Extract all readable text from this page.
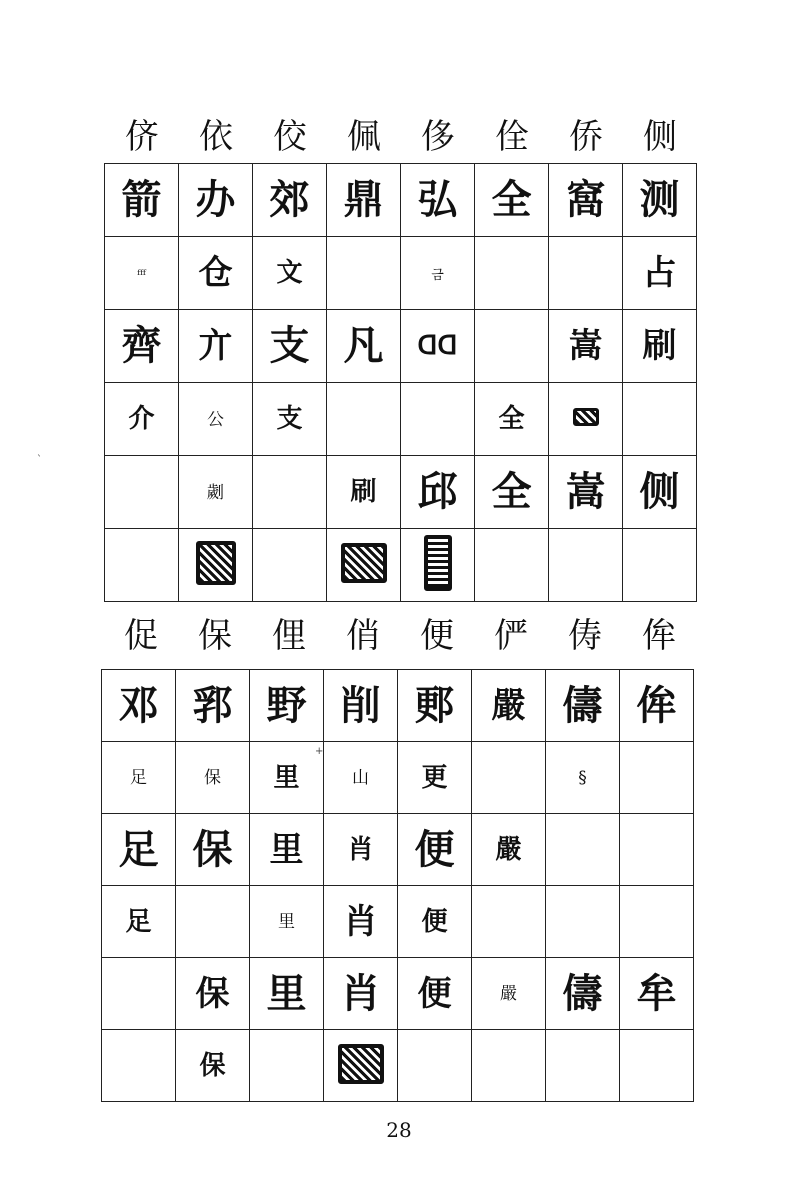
侪	依	佼	佩	侈	佺	侨	侧
箭	办	郊	鼎	弘	全	窩	测
ᶠᶠᶠ	仓	文		금			占
齊	亣	支	凡	ᗡᗡ		嵩	刷
介	公	支			全		
	劌		刷	邱	全	嵩	侧

促	保	俚	俏	便	俨	俦	侔
邓	郛	野	削	郠	嚴	儔	侔
足	保	里	山	更		§	
足	保	里	肖	便	嚴		
足		里	肖	便			
	保	里	肖	便	嚴	儔	牟
	保						
`
+
28
